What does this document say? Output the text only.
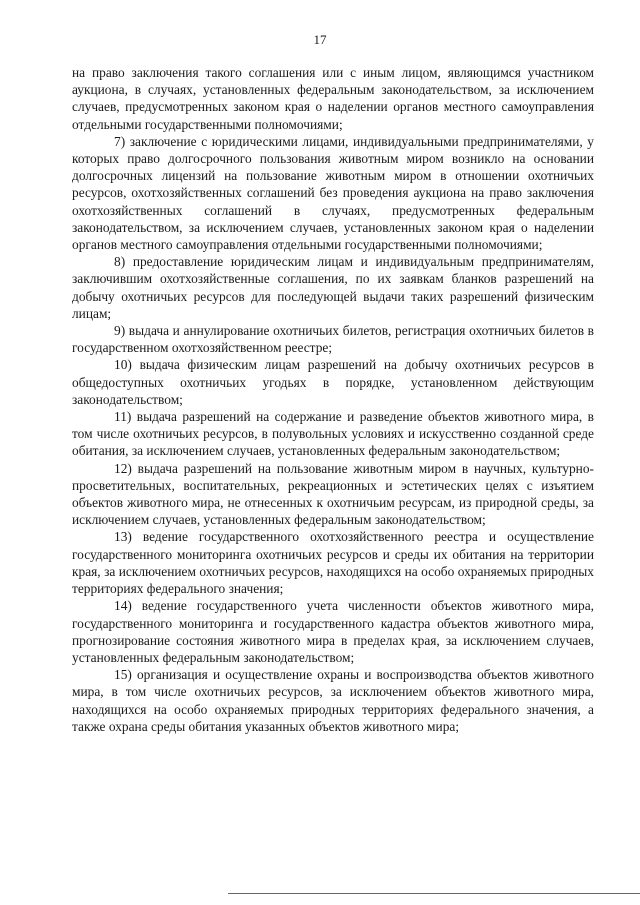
17

на право заключения такого соглашения или с иным лицом, являющимся участником аукциона, в случаях, установленных федеральным законодательством, за исключением случаев, предусмотренных законом края о наделении органов местного самоуправления отдельными государственными полномочиями;

7) заключение с юридическими лицами, индивидуальными предпринимателями, у которых право долгосрочного пользования животным миром возникло на основании долгосрочных лицензий на пользование животным миром в отношении охотничьих ресурсов, охотхозяйственных соглашений без проведения аукциона на право заключения охотхозяйственных соглашений в случаях, предусмотренных федеральным законодательством, за исключением случаев, установленных законом края о наделении органов местного самоуправления отдельными государственными полномочиями;

8) предоставление юридическим лицам и индивидуальным предпринимателям, заключившим охотхозяйственные соглашения, по их заявкам бланков разрешений на добычу охотничьих ресурсов для последующей выдачи таких разрешений физическим лицам;

9) выдача и аннулирование охотничьих билетов, регистрация охотничьих билетов в государственном охотхозяйственном реестре;

10) выдача физическим лицам разрешений на добычу охотничьих ресурсов в общедоступных охотничьих угодьях в порядке, установленном действующим законодательством;

11) выдача разрешений на содержание и разведение объектов животного мира, в том числе охотничьих ресурсов, в полувольных условиях и искусственно созданной среде обитания, за исключением случаев, установленных федеральным законодательством;

12) выдача разрешений на пользование животным миром в научных, культурно-просветительных, воспитательных, рекреационных и эстетических целях с изъятием объектов животного мира, не отнесенных к охотничьим ресурсам, из природной среды, за исключением случаев, установленных федеральным законодательством;

13) ведение государственного охотхозяйственного реестра и осуществление государственного мониторинга охотничьих ресурсов и среды их обитания на территории края, за исключением охотничьих ресурсов, находящихся на особо охраняемых природных территориях федерального значения;

14) ведение государственного учета численности объектов животного мира, государственного мониторинга и государственного кадастра объектов животного мира, прогнозирование состояния животного мира в пределах края, за исключением случаев, установленных федеральным законодательством;

15) организация и осуществление охраны и воспроизводства объектов животного мира, в том числе охотничьих ресурсов, за исключением объектов животного мира, находящихся на особо охраняемых природных территориях федерального значения, а также охрана среды обитания указанных объектов животного мира;
